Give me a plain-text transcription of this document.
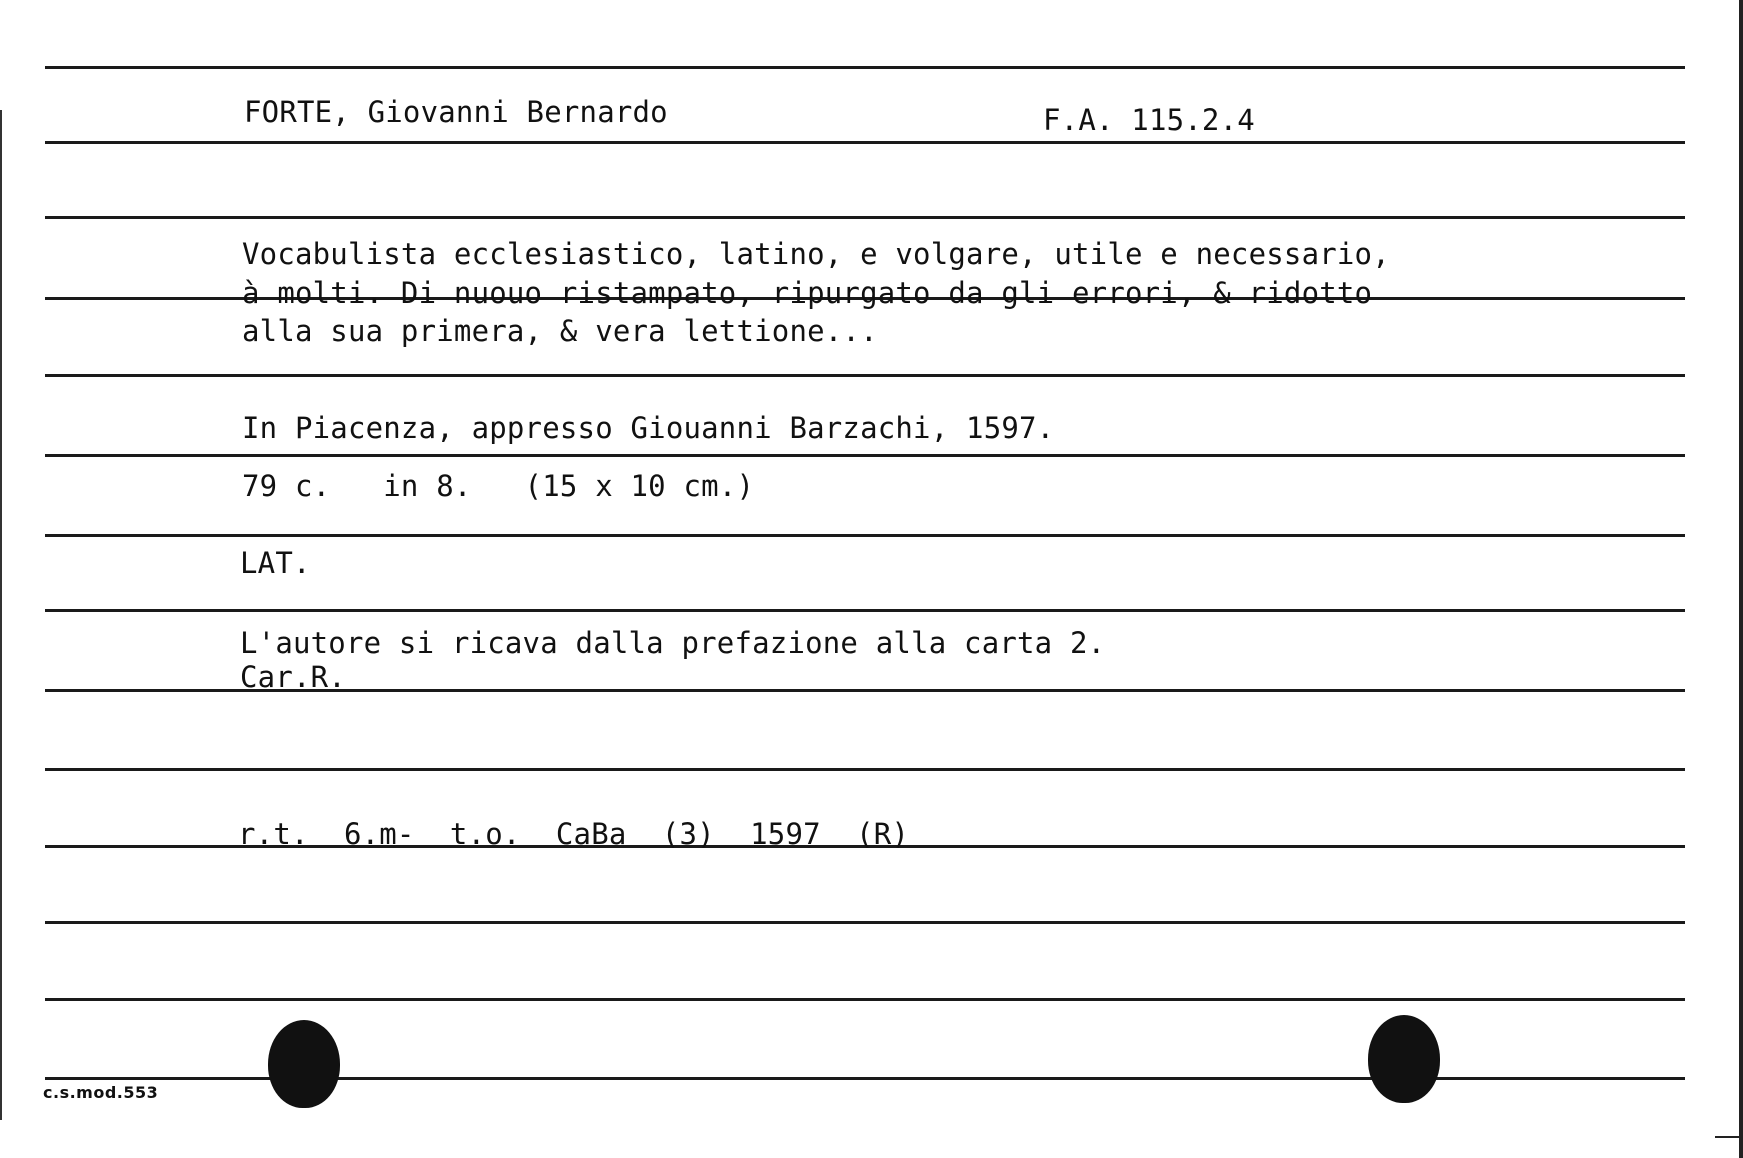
FORTE, Giovanni Bernardo	F.A. 115.2.4
Vocabulista ecclesiastico, latino, e volgare, utile e necessario,
à molti. Di nuouo ristampato, ripurgato da gli errori, & ridotto
alla sua primera, & vera lettione...
In Piacenza, appresso Giouanni Barzachi, 1597.
79 c.   in 8.   (15 x 10 cm.)
LAT.
L'autore si ricava dalla prefazione alla carta 2.
Car.R.
r.t.  6.m-  t.o.  CaBa  (3)  1597  (R)
c.s.mod.553
